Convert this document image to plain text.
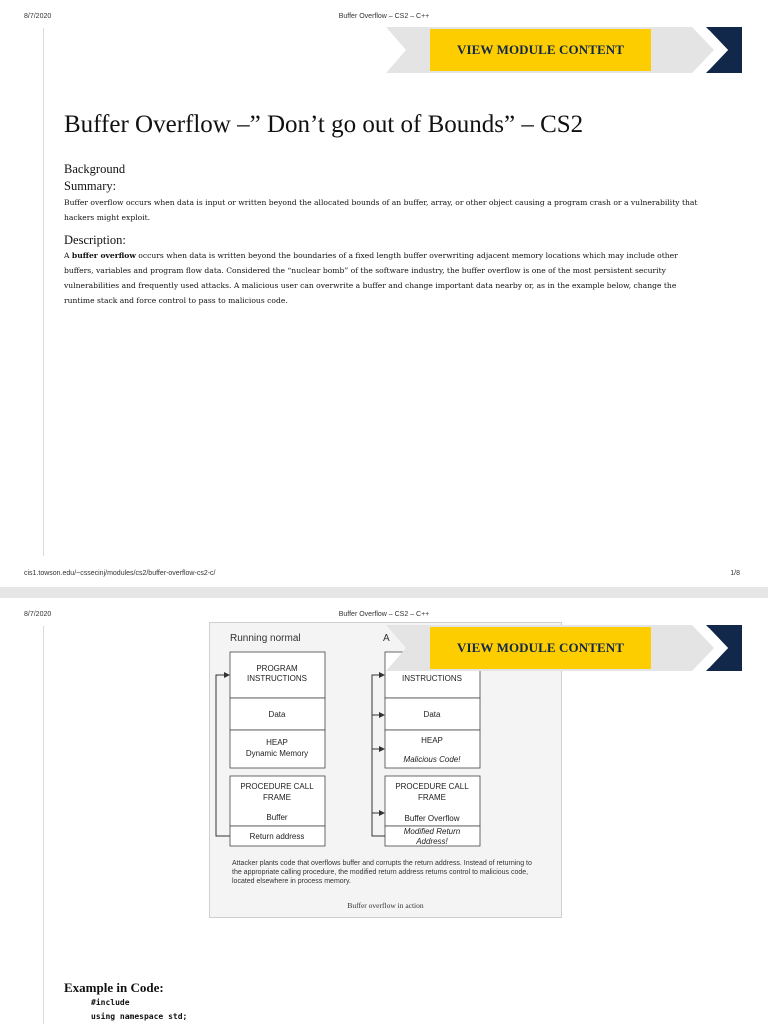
8/7/2020	Buffer Overflow – CS2 – C++
VIEW MODULE CONTENT
Buffer Overflow –” Don’t go out of Bounds” – CS2
Background
Summary:
Buffer overflow occurs when data is input or written beyond the allocated bounds of an buffer, array, or other object causing a program crash or a vulnerability that hackers might exploit.
Description:
A buffer overflow occurs when data is written beyond the boundaries of a fixed length buffer overwriting adjacent memory locations which may include other buffers, variables and program flow data. Considered the “nuclear bomb” of the software industry, the buffer overflow is one of the most persistent security vulnerabilities and frequently used attacks. A malicious user can overwrite a buffer and change important data nearby or, as in the example below, change the runtime stack and force control to pass to malicious code.
cis1.towson.edu/~cssecinj/modules/cs2/buffer-overflow-cs2-c/	1/8
8/7/2020	Buffer Overflow – CS2 – C++
Running normal	A
PROGRAM
INSTRUCTIONS
Data
HEAP
Dynamic Memory
PROCEDURE CALL
FRAME
Buffer
Return address
INSTRUCTIONS
Data
HEAP
Malicious Code!
PROCEDURE CALL
FRAME
Buffer Overflow
Modified Return
Address!
Attacker plants code that overflows buffer and corrupts the return address. Instead of returning to the appropriate calling procedure, the modified return address returns control to malicious code, located elsewhere in process memory.
Buffer overflow in action
VIEW MODULE CONTENT
Example in Code:
#include
using namespace std;
